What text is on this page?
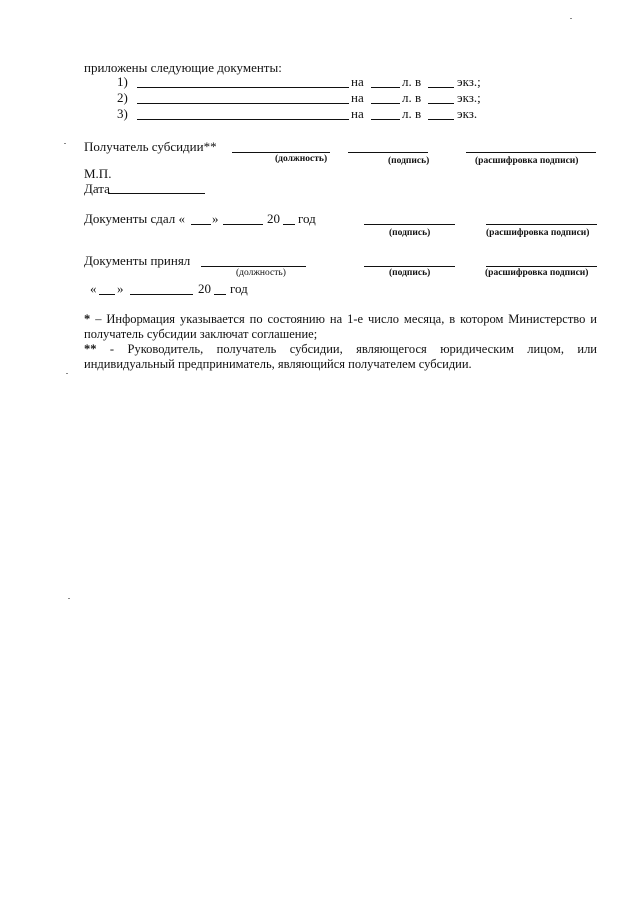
приложены следующие документы:
1)	на	л. в	экз.;
2)	на	л. в	экз.;
3)	на	л. в	экз.
Получатель субсидии**
(должность)	(подпись)	(расшифровка подписи)
М.П.
Дата
Документы сдал « »	20 год
(подпись)	(расшифровка подписи)
Документы принял
(должность)	(подпись)	(расшифровка подписи)
« »	20 год
* – Информация указывается по состоянию на 1-е число месяца, в котором Министерство и получатель субсидии заключат соглашение;
** - Руководитель, получатель субсидии, являющегося юридическим лицом, или индивидуальный предприниматель, являющийся получателем субсидии.
